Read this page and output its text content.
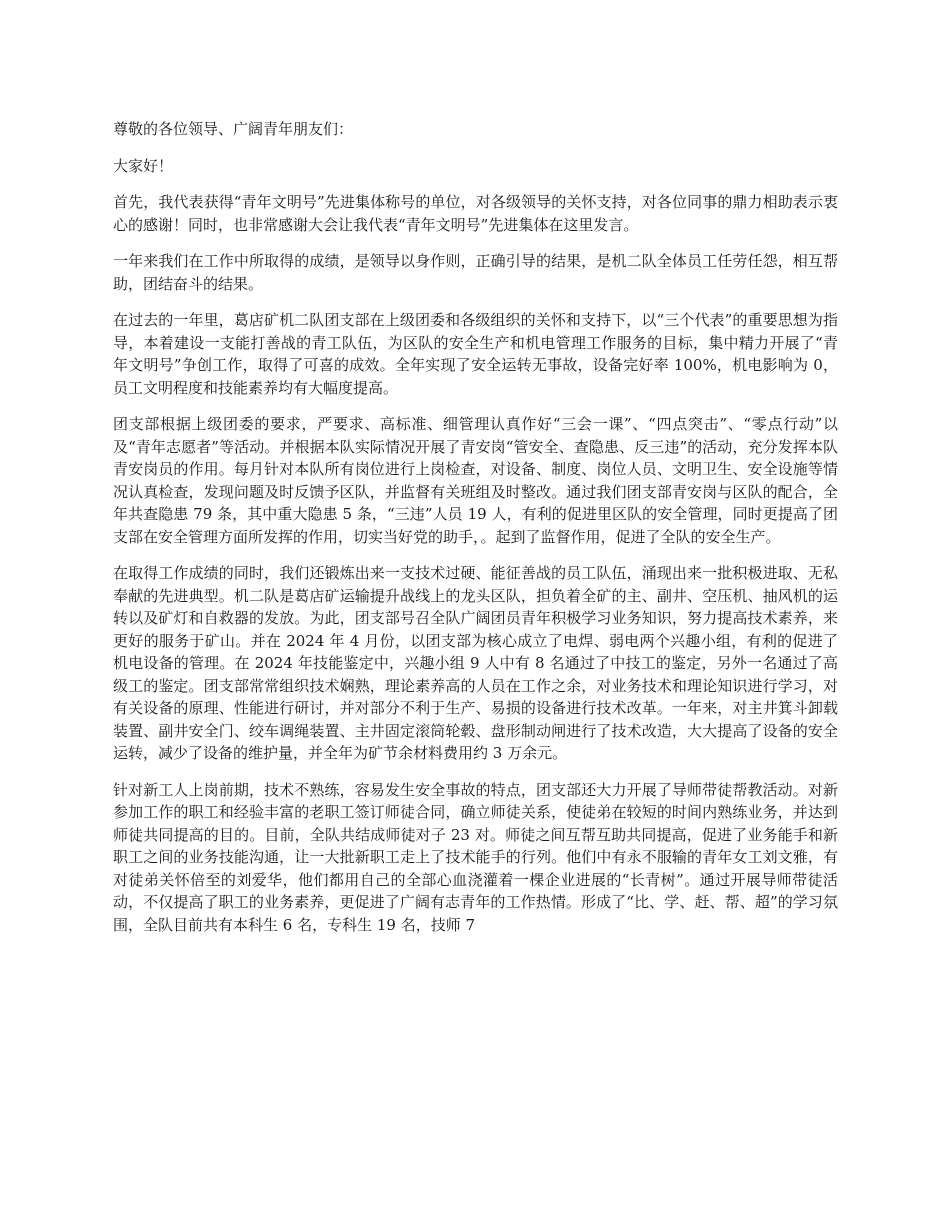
尊敬的各位领导、广阔青年朋友们：

大家好！

首先，我代表获得“青年文明号”先进集体称号的单位，对各级领导的关怀支持，对各位同事的鼎力相助表示衷心的感谢！同时，也非常感谢大会让我代表“青年文明号”先进集体在这里发言。

一年来我们在工作中所取得的成绩，是领导以身作则，正确引导的结果，是机二队全体员工任劳任怨，相互帮助，团结奋斗的结果。

在过去的一年里，葛店矿机二队团支部在上级团委和各级组织的关怀和支持下，以“三个代表”的重要思想为指导，本着建设一支能打善战的青工队伍，为区队的安全生产和机电管理工作服务的目标，集中精力开展了“青年文明号”争创工作，取得了可喜的成效。全年实现了安全运转无事故，设备完好率 100%，机电影响为 0，员工文明程度和技能素养均有大幅度提高。

团支部根据上级团委的要求，严要求、高标准、细管理认真作好“三会一课”、“四点突击”、“零点行动”以及“青年志愿者”等活动。并根据本队实际情况开展了青安岗“管安全、查隐患、反三违”的活动，充分发挥本队青安岗员的作用。每月针对本队所有岗位进行上岗检查，对设备、制度、岗位人员、文明卫生、安全设施等情况认真检查，发现问题及时反馈予区队，并监督有关班组及时整改。通过我们团支部青安岗与区队的配合，全年共查隐患 79 条，其中重大隐患 5 条，“三违”人员 19 人，有利的促进里区队的安全管理，同时更提高了团支部在安全管理方面所发挥的作用，切实当好党的助手，。起到了监督作用，促进了全队的安全生产。

在取得工作成绩的同时，我们还锻炼出来一支技术过硬、能征善战的员工队伍，涌现出来一批积极进取、无私奉献的先进典型。机二队是葛店矿运输提升战线上的龙头区队，担负着全矿的主、副井、空压机、抽风机的运转以及矿灯和自救器的发放。为此，团支部号召全队广阔团员青年积极学习业务知识，努力提高技术素养，来更好的服务于矿山。并在 2024 年 4 月份，以团支部为核心成立了电焊、弱电两个兴趣小组，有利的促进了机电设备的管理。在 2024 年技能鉴定中，兴趣小组 9 人中有 8 名通过了中技工的鉴定，另外一名通过了高级工的鉴定。团支部常常组织技术娴熟，理论素养高的人员在工作之余，对业务技术和理论知识进行学习，对有关设备的原理、性能进行研讨，并对部分不利于生产、易损的设备进行技术改革。一年来，对主井箕斗卸载装置、副井安全门、绞车调绳装置、主井固定滚筒轮毂、盘形制动闸进行了技术改造，大大提高了设备的安全运转，减少了设备的维护量，并全年为矿节余材料费用约 3 万余元。

针对新工人上岗前期，技术不熟练，容易发生安全事故的特点，团支部还大力开展了导师带徒帮教活动。对新参加工作的职工和经验丰富的老职工签订师徒合同，确立师徒关系，使徒弟在较短的时间内熟练业务，并达到师徒共同提高的目的。目前，全队共结成师徒对子 23 对。师徒之间互帮互助共同提高，促进了业务能手和新职工之间的业务技能沟通，让一大批新职工走上了技术能手的行列。他们中有永不服输的青年女工刘文雅，有对徒弟关怀倍至的刘爱华，他们都用自己的全部心血浇灌着一棵企业进展的“长青树”。通过开展导师带徒活动，不仅提高了职工的业务素养，更促进了广阔有志青年的工作热情。形成了“比、学、赶、帮、超”的学习氛围，全队目前共有本科生 6 名，专科生 19 名，技师 7
